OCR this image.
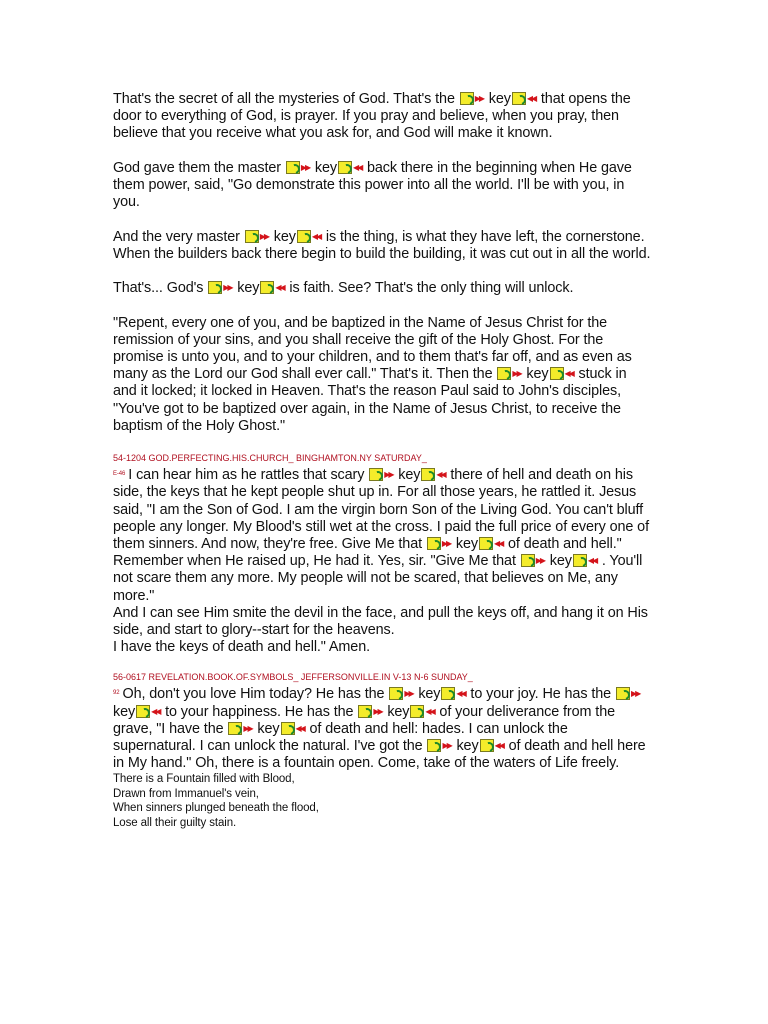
That's the secret of all the mysteries of God. That's the ▶▶ key ◀◀ that opens the door to everything of God, is prayer. If you pray and believe, when you pray, then believe that you receive what you ask for, and God will make it known.

God gave them the master ▶▶ key ◀◀ back there in the beginning when He gave them power, said, "Go demonstrate this power into all the world. I'll be with you, in you.

And the very master ▶▶ key ◀◀ is the thing, is what they have left, the cornerstone. When the builders back there begin to build the building, it was cut out in all the world.

That's... God's ▶▶ key ◀◀ is faith. See? That's the only thing will unlock.

"Repent, every one of you, and be baptized in the Name of Jesus Christ for the remission of your sins, and you shall receive the gift of the Holy Ghost. For the promise is unto you, and to your children, and to them that's far off, and as even as many as the Lord our God shall ever call." That's it. Then the ▶▶ key ◀◀ stuck in and it locked; it locked in Heaven. That's the reason Paul said to John's disciples, "You've got to be baptized over again, in the Name of Jesus Christ, to receive the baptism of the Holy Ghost."

54-1204 GOD.PERFECTING.HIS.CHURCH_ BINGHAMTON.NY SATURDAY_

$^{E-46}$ I can hear him as he rattles that scary ▶▶ key ◀◀ there of hell and death on his side, the keys that he kept people shut up in. For all those years, he rattled it. Jesus said, "I am the Son of God. I am the virgin born Son of the Living God. You can't bluff people any longer. My Blood's still wet at the cross. I paid the full price of every one of them sinners. And now, they're free. Give Me that ▶▶ key ◀◀ of death and hell." Remember when He raised up, He had it. Yes, sir. "Give Me that ▶▶ key ◀◀ . You'll not scare them any more. My people will not be scared, that believes on Me, any more."

And I can see Him smite the devil in the face, and pull the keys off, and hang it on His side, and start to glory--start for the heavens.

I have the keys of death and hell." Amen.

56-0617 REVELATION.BOOK.OF.SYMBOLS_ JEFFERSONVILLE.IN V-13 N-6 SUNDAY_

$^{92}$ Oh, don't you love Him today? He has the ▶▶ key ◀◀ to your joy. He has the ▶▶
key ◀◀ to your happiness. He has the ▶▶ key ◀◀ of your deliverance from the grave, "I have the ▶▶ key ◀◀ of death and hell: hades. I can unlock the supernatural. I can unlock the natural. I've got the ▶▶ key ◀◀ of death and hell here in My hand." Oh, there is a fountain open. Come, take of the waters of Life freely.

There is a Fountain filled with Blood,
Drawn from Immanuel's vein,
When sinners plunged beneath the flood,
Lose all their guilty stain.
